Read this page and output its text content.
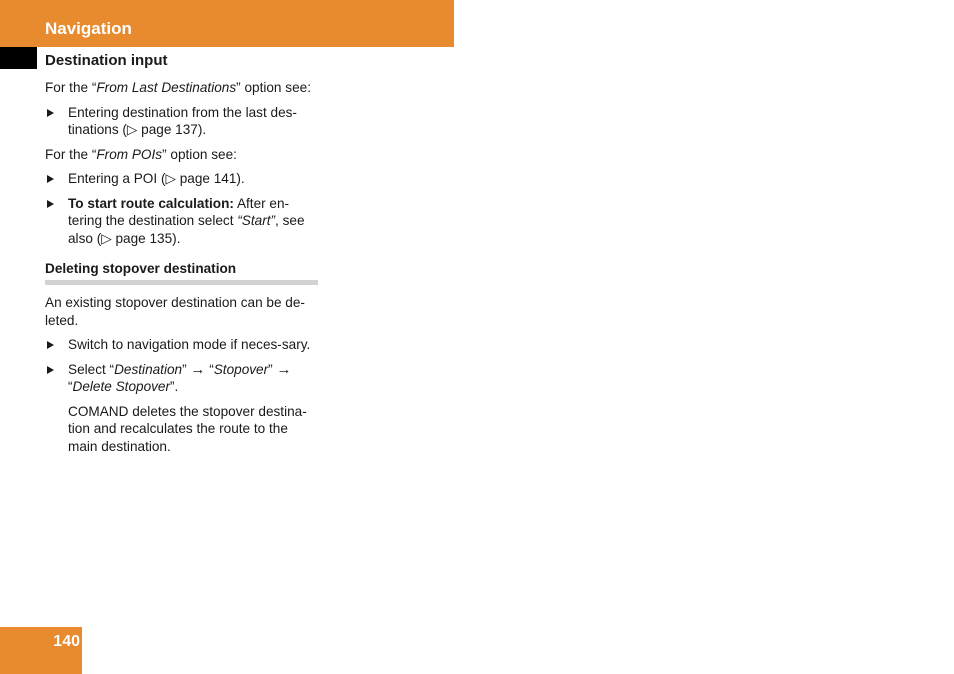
Navigation
Destination input

For the “From Last Destinations” option see:

Entering destination from the last des-tinations (▷ page 137).

For the “From POIs” option see:

Entering a POI (▷ page 141).
To start route calculation: After en-tering the destination select “Start”, see also (▷ page 135).
Deleting stopover destination

An existing stopover destination can be de-leted.

Switch to navigation mode if neces-sary.
Select “Destination” → “Stopover” → “Delete Stopover”.

COMAND deletes the stopover destina-tion and recalculates the route to the main destination.

140
